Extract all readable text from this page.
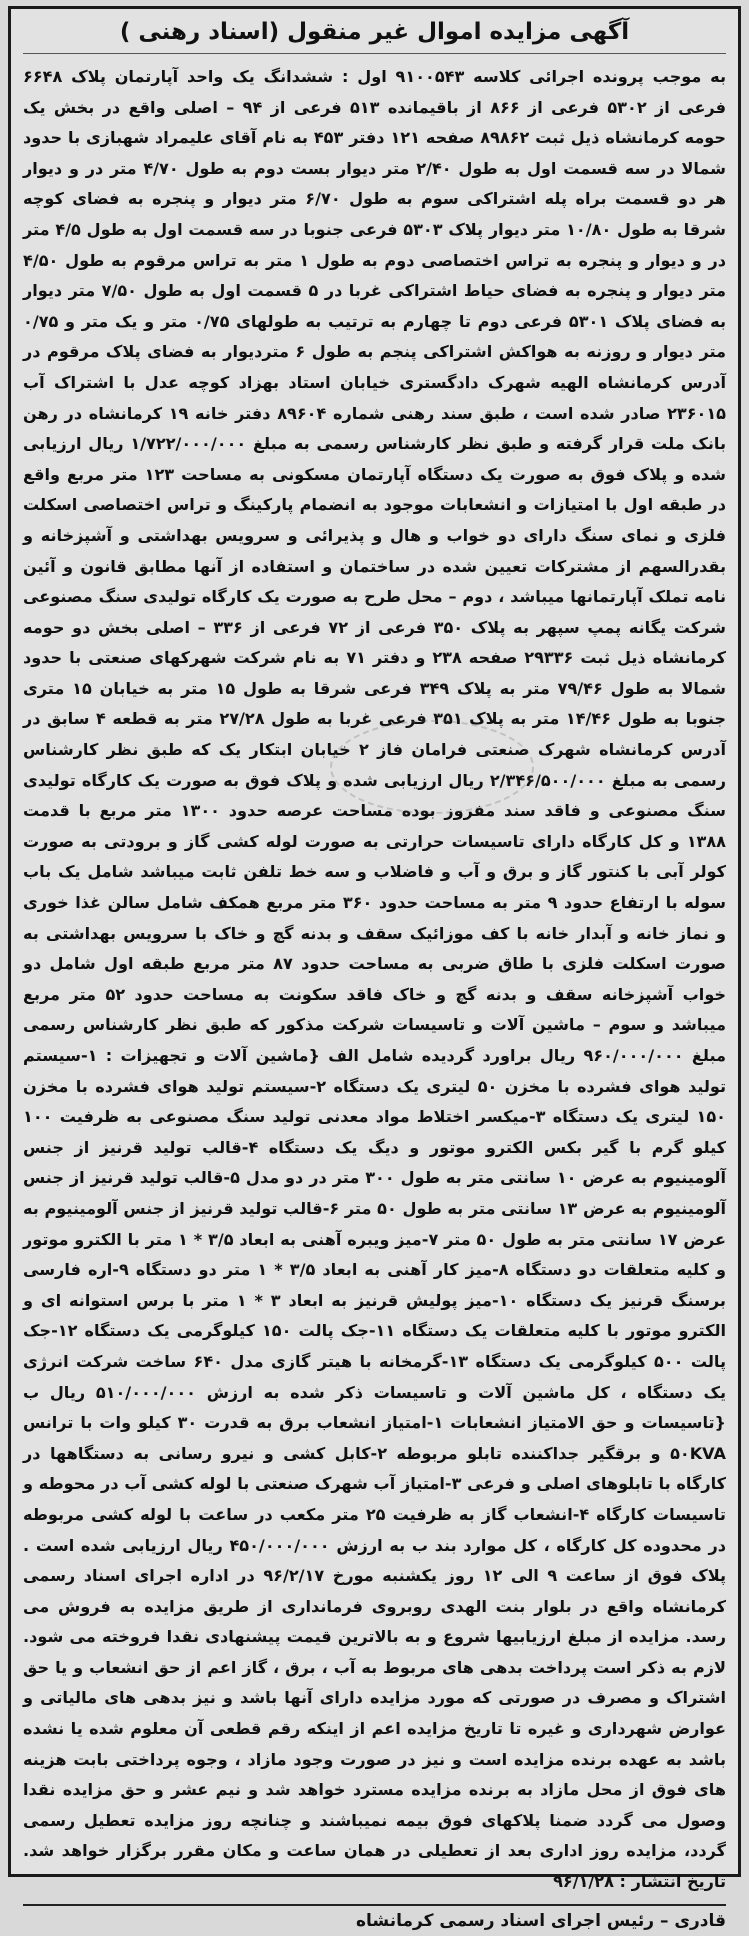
آگهی مزایده اموال غیر منقول (اسناد رهنی )

به موجب پرونده اجرائی کلاسه ۹۱۰۰۵۴۳ اول : ششدانگ یک واحد آپارتمان پلاک ۶۶۴۸ فرعی از ۵۳۰۲ فرعی از ۸۶۶ از باقیمانده ۵۱۳ فرعی از ۹۴ – اصلی واقع در بخش یک حومه کرمانشاه ذیل ثبت ۸۹۸۶۲ صفحه ۱۲۱ دفتر ۴۵۳ به نام آقای علیمراد شهبازی با حدود شمالا در سه قسمت اول به طول ۲/۴۰ متر دیوار بست دوم به طول ۴/۷۰ متر در و دیوار هر دو قسمت براه پله اشتراکی سوم به طول ۶/۷۰ متر دیوار و پنجره به فضای کوچه شرقا به طول ۱۰/۸۰ متر دیوار پلاک ۵۳۰۳ فرعی جنوبا در سه قسمت اول به طول ۴/۵ متر در و دیوار و پنجره به تراس اختصاصی دوم به طول ۱ متر به تراس مرقوم به طول ۴/۵۰ متر دیوار و پنجره به فضای حیاط اشتراکی غربا در ۵ قسمت اول به طول ۷/۵۰ متر دیوار به فضای پلاک ۵۳۰۱ فرعی دوم تا چهارم به ترتیب به طولهای ۰/۷۵ متر و یک متر و ۰/۷۵ متر دیوار و روزنه به هواکش اشتراکی پنجم به طول ۶ متردیوار به فضای پلاک مرقوم در آدرس کرمانشاه الهیه شهرک دادگستری خیابان استاد بهزاد کوچه عدل با اشتراک آب ۲۳۶۰۱۵ صادر شده است ، طبق سند رهنی شماره ۸۹۶۰۴ دفتر خانه ۱۹ کرمانشاه در رهن بانک ملت قرار گرفته و طبق نظر کارشناس رسمی به مبلغ ۱/۷۲۲/۰۰۰/۰۰۰ ریال ارزیابی شده و پلاک فوق به صورت یک دستگاه آپارتمان مسکونی به مساحت ۱۲۳ متر مربع واقع در طبقه اول با امتیازات و انشعابات موجود به انضمام پارکینگ و تراس اختصاصی اسکلت فلزی و نمای سنگ دارای دو خواب و هال و پذیرائی و سرویس بهداشتی و آشپزخانه و بقدرالسهم از مشترکات تعیین شده در ساختمان و استفاده از آنها مطابق قانون و آئین نامه تملک آپارتمانها میباشد ، دوم – محل طرح به صورت یک کارگاه تولیدی سنگ مصنوعی شرکت یگانه پمپ سپهر به پلاک ۳۵۰ فرعی از ۷۲ فرعی از ۳۳۶ – اصلی بخش دو حومه کرمانشاه ذیل ثبت ۲۹۳۳۶ صفحه ۲۳۸ و دفتر ۷۱ به نام شرکت شهرکهای صنعتی با حدود شمالا به طول ۷۹/۴۶ متر به پلاک ۳۴۹ فرعی شرقا به طول ۱۵ متر به خیابان ۱۵ متری جنوبا به طول ۱۴/۴۶ متر به پلاک ۳۵۱ فرعی غربا به طول ۲۷/۲۸ متر به قطعه ۴ سابق در آدرس کرمانشاه شهرک صنعتی فرامان فاز ۲ خیابان ابتکار یک که طبق نظر کارشناس رسمی به مبلغ ۲/۳۴۶/۵۰۰/۰۰۰ ریال ارزیابی شده و پلاک فوق به صورت یک کارگاه تولیدی سنگ مصنوعی و فاقد سند مفروز بوده مساحت عرصه حدود ۱۳۰۰ متر مربع با قدمت ۱۳۸۸ و کل کارگاه دارای تاسیسات حرارتی به صورت لوله کشی گاز و برودتی به صورت کولر آبی با کنتور گاز و برق و آب و فاضلاب و سه خط تلفن ثابت میباشد شامل یک باب سوله با ارتفاع حدود ۹ متر به مساحت حدود ۳۶۰ متر مربع همکف شامل سالن غذا خوری و نماز خانه و آبدار خانه با کف موزائیک سقف و بدنه گچ و خاک با سرویس بهداشتی به صورت اسکلت فلزی با طاق ضربی به مساحت حدود ۸۷ متر مربع طبقه اول شامل دو خواب آشپزخانه سقف و بدنه گچ و خاک فاقد سکونت به مساحت حدود ۵۲ متر مربع میباشد و سوم – ماشین آلات و تاسیسات شرکت مذکور که طبق نظر کارشناس رسمی مبلغ ۹۶۰/۰۰۰/۰۰۰ ریال براورد گردیده شامل الف {ماشین آلات و تجهیزات : ۱-سیستم تولید هوای فشرده با مخزن ۵۰ لیتری یک دستگاه ۲-سیستم تولید هوای فشرده با مخزن ۱۵۰ لیتری یک دستگاه ۳-میکسر اختلاط مواد معدنی تولید سنگ مصنوعی به ظرفیت ۱۰۰ کیلو گرم با گیر بکس الکترو موتور و دیگ یک دستگاه ۴-قالب تولید قرنیز از جنس آلومینیوم به عرض ۱۰ سانتی متر به طول ۳۰۰ متر در دو مدل ۵-قالب تولید قرنیز از جنس آلومینیوم به عرض ۱۳ سانتی متر به طول ۵۰ متر ۶-قالب تولید قرنیز از جنس آلومینیوم به عرض ۱۷ سانتی متر به طول ۵۰ متر ۷-میز ویبره آهنی به ابعاد ۳/۵ * ۱ متر با الکترو موتور و کلیه متعلقات دو دستگاه ۸-میز کار آهنی به ابعاد ۳/۵ * ۱ متر دو دستگاه ۹-اره فارسی برسنگ قرنیز یک دستگاه ۱۰-میز پولیش قرنیز به ابعاد ۳ * ۱ متر با برس استوانه ای و الکترو موتور با کلیه متعلقات یک دستگاه ۱۱-جک پالت ۱۵۰ کیلوگرمی یک دستگاه ۱۲-جک پالت ۵۰۰ کیلوگرمی یک دستگاه ۱۳-گرمخانه با هیتر گازی مدل ۶۴۰ ساخت شرکت انرژی یک دستگاه ، کل ماشین آلات و تاسیسات ذکر شده به ارزش ۵۱۰/۰۰۰/۰۰۰ ریال ب {تاسیسات و حق الامتیاز انشعابات ۱-امتیاز انشعاب برق به قدرت ۳۰ کیلو وات با ترانس ۵۰KVA و برقگیر جداکننده تابلو مربوطه ۲-کابل کشی و نیرو رسانی به دستگاهها در کارگاه با تابلوهای اصلی و فرعی ۳-امتیاز آب شهرک صنعتی با لوله کشی آب در محوطه و تاسیسات کارگاه ۴-انشعاب گاز به ظرفیت ۲۵ متر مکعب در ساعت با لوله کشی مربوطه در محدوده کل کارگاه ، کل موارد بند ب به ارزش ۴۵۰/۰۰۰/۰۰۰ ریال ارزیابی شده است . پلاک فوق از ساعت ۹ الی ۱۲ روز یکشنبه مورخ ۹۶/۲/۱۷ در اداره اجرای اسناد رسمی کرمانشاه واقع در بلوار بنت الهدی روبروی فرمانداری از طریق مزایده به فروش می رسد. مزایده از مبلغ ارزیابیها شروع و به بالاترین قیمت پیشنهادی نقدا فروخته می شود. لازم به ذکر است پرداخت بدهی های مربوط به آب ، برق ، گاز اعم از حق انشعاب و یا حق اشتراک و مصرف در صورتی که مورد مزایده دارای آنها باشد و نیز بدهی های مالیاتی و عوارض شهرداری و غیره تا تاریخ مزایده اعم از اینکه رقم قطعی آن معلوم شده یا نشده باشد به عهده برنده مزایده است و نیز در صورت وجود مازاد ، وجوه پرداختی بابت هزینه های فوق از محل مازاد به برنده مزایده مسترد خواهد شد و نیم عشر و حق مزایده نقدا وصول می گردد ضمنا پلاکهای فوق بیمه نمیباشند و چنانچه روز مزایده تعطیل رسمی گردد، مزایده روز اداری بعد از تعطیلی در همان ساعت و مکان مقرر برگزار خواهد شد. تاریخ انتشار : ۹۶/۱/۲۸

قادری – رئیس اجرای اسناد رسمی کرمانشاه
